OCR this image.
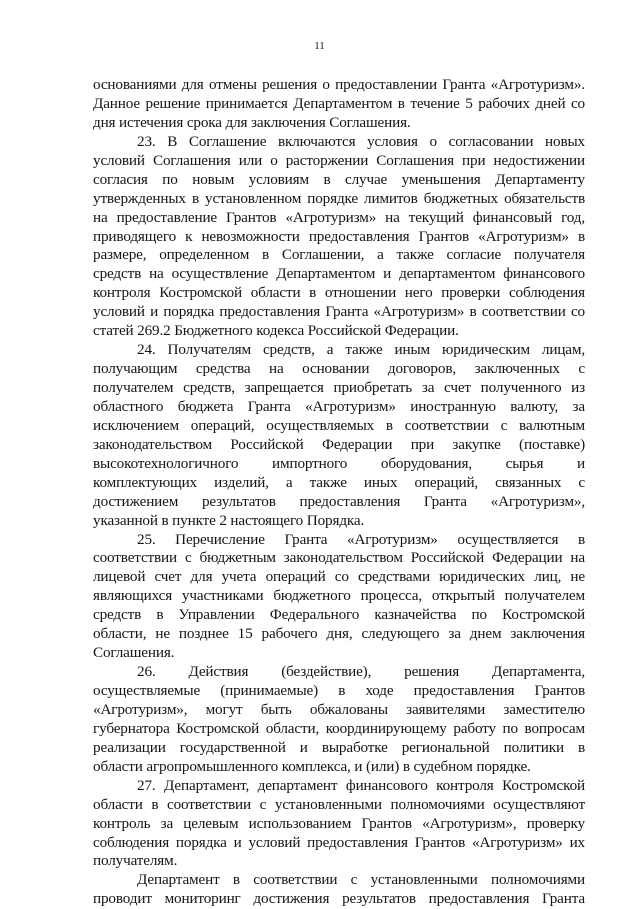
11
основаниями для отмены решения о предоставлении Гранта «Агротуризм».
Данное решение принимается Департаментом в течение 5 рабочих дней со
дня истечения срока для заключения Соглашения.
23. В Соглашение включаются условия о согласовании новых
условий Соглашения или о расторжении Соглашения при недостижении
согласия по новым условиям в случае уменьшения Департаменту
утвержденных в установленном порядке лимитов бюджетных обязательств
на предоставление Грантов «Агротуризм» на текущий финансовый год,
приводящего к невозможности предоставления Грантов «Агротуризм» в
размере, определенном в Соглашении, а также согласие получателя
средств на осуществление Департаментом и департаментом финансового
контроля Костромской области в отношении него проверки соблюдения
условий и порядка предоставления Гранта «Агротуризм» в соответствии со
статей 269.2 Бюджетного кодекса Российской Федерации.
24. Получателям средств, а также иным юридическим лицам,
получающим средства на основании договоров, заключенных с
получателем средств, запрещается приобретать за счет полученного из
областного бюджета Гранта «Агротуризм» иностранную валюту, за
исключением операций, осуществляемых в соответствии с валютным
законодательством Российской Федерации при закупке (поставке)
высокотехнологичного импортного оборудования, сырья и
комплектующих изделий, а также иных операций, связанных с
достижением результатов предоставления Гранта «Агротуризм»,
указанной в пункте 2 настоящего Порядка.
25. Перечисление Гранта «Агротуризм» осуществляется в
соответствии с бюджетным законодательством Российской Федерации на
лицевой счет для учета операций со средствами юридических лиц, не
являющихся участниками бюджетного процесса, открытый получателем
средств в Управлении Федерального казначейства по Костромской
области, не позднее 15 рабочего дня, следующего за днем заключения
Соглашения.
26. Действия (бездействие), решения Департамента,
осуществляемые (принимаемые) в ходе предоставления Грантов
«Агротуризм», могут быть обжалованы заявителями заместителю
губернатора Костромской области, координирующему работу по вопросам
реализации государственной и выработке региональной политики в
области агропромышленного комплекса, и (или) в судебном порядке.
27. Департамент, департамент финансового контроля Костромской
области в соответствии с установленными полномочиями осуществляют
контроль за целевым использованием Грантов «Агротуризм», проверку
соблюдения порядка и условий предоставления Грантов «Агротуризм» их
получателям.
Департамент в соответствии с установленными полномочиями
проводит мониторинг достижения результатов предоставления Гранта
